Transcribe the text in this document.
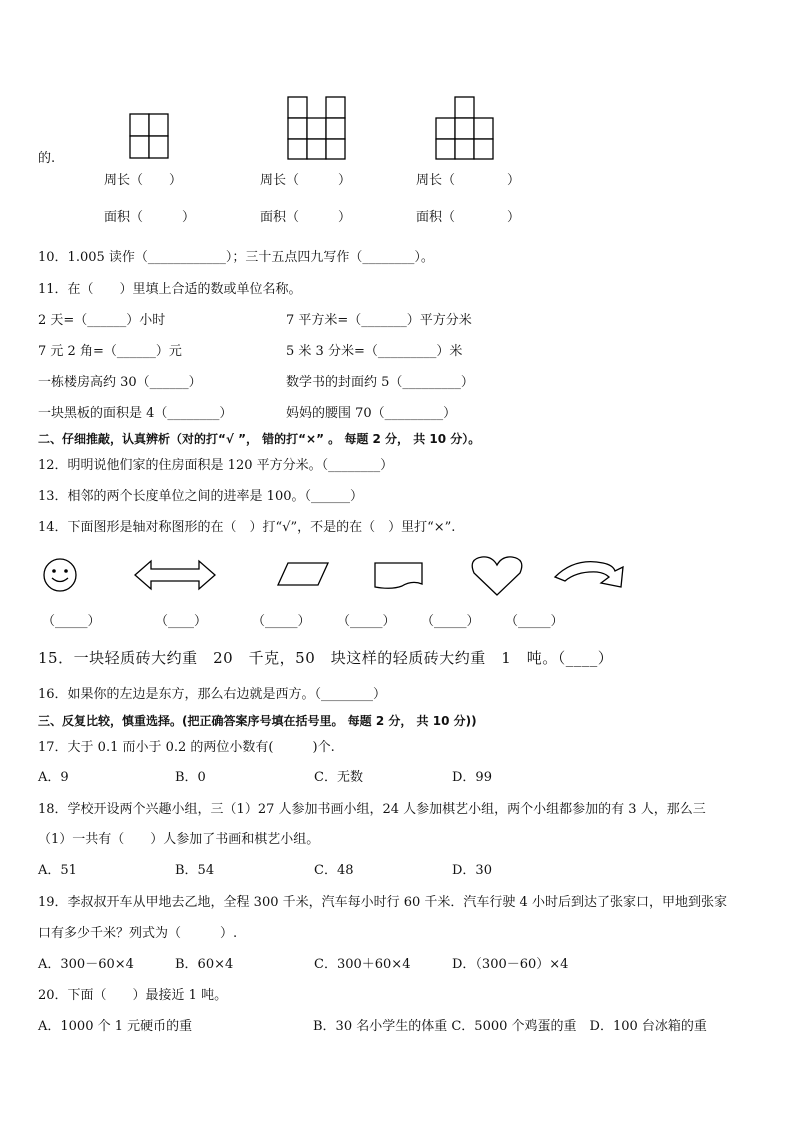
的.
周长（　　）	周长（　　　）	周长（　　　　）
面积（　　　）	面积（　　　）	面积（　　　　）
10．1.005 读作（____________）；三十五点四九写作（________）。
11．在（　　）里填上合适的数或单位名称。
2 天=（______）小时	7 平方米=（_______）平方分米
7 元 2 角=（______）元	5 米 3 分米=（_________）米
一栋楼房高约 30（______）	数学书的封面约 5（_________）
一块黑板的面积是 4（________）	妈妈的腰围 70（_________）
二、仔细推敲，认真辨析（对的打“√ ”， 错的打“×” 。 每题 2 分， 共 10 分）。
12．明明说他们家的住房面积是 120 平方分米。（________）
13．相邻的两个长度单位之间的进率是 100。（______）
14．下面图形是轴对称图形的在（　）打“√”，不是的在（　）里打“×”.
（_____）	（____）	（_____） （_____） （_____） （_____）
15．一块轻质砖大约重　20　千克，50　块这样的轻质砖大约重　1　吨。（____）
16．如果你的左边是东方，那么右边就是西方。（________）
三、反复比较，慎重选择。(把正确答案序号填在括号里。 每题 2 分， 共 10 分))
17．大于 0.1 而小于 0.2 的两位小数有(　　　)个.
A．9	B．0	C．无数	D．99
18．学校开设两个兴趣小组，三（1）27 人参加书画小组，24 人参加棋艺小组，两个小组都参加的有 3 人，那么三
（1）一共有（　　）人参加了书画和棋艺小组。
A．51	B．54	C．48	D．30
19．李叔叔开车从甲地去乙地，全程 300 千米，汽车每小时行 60 千米．汽车行驶 4 小时后到达了张家口，甲地到张家
口有多少千米？列式为（　　　）.
A．300－60×4	B．60×4	C．300＋60×4	D．（300－60）×4
20．下面（　　）最接近 1 吨。
A．1000 个 1 元硬币的重	B．30 名小学生的体重 C．5000 个鸡蛋的重　D．100 台冰箱的重
